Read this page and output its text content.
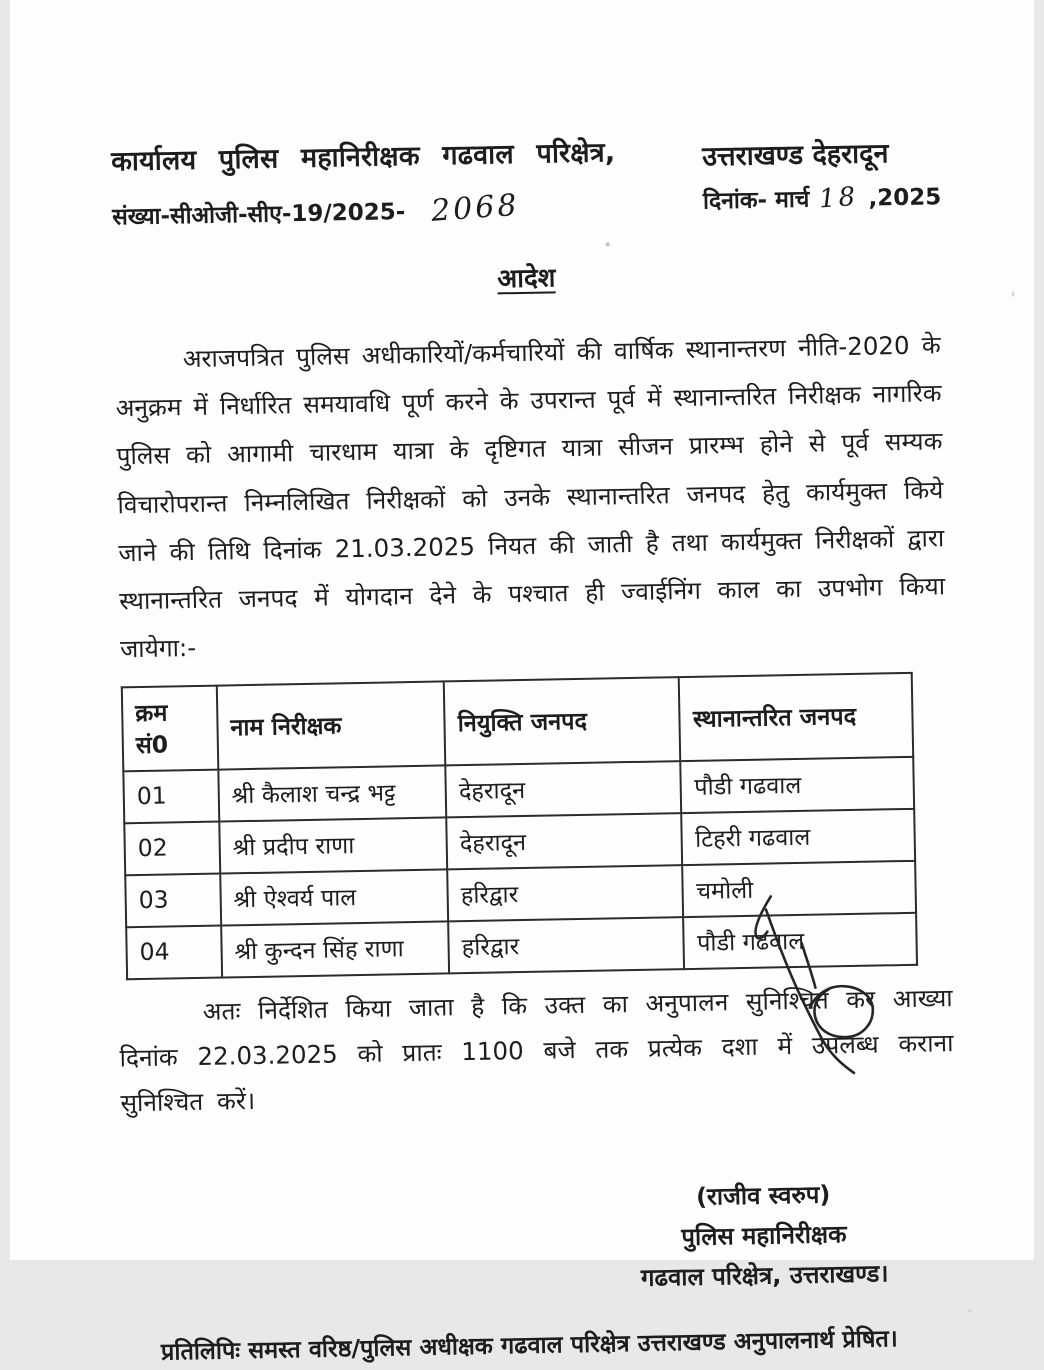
कार्यालय पुलिस महानिरीक्षक गढवाल परिक्षेत्र,
संख्या-सीओजी-सीए-19/2025- 2068
उत्तराखण्ड देहरादून
दिनांक- मार्च 18 ,2025
आदेश

अराजपत्रित पुलिस अधीकारियों/कर्मचारियों की वार्षिक स्थानान्तरण नीति-2020 के अनुक्रम में निर्धारित समयावधि पूर्ण करने के उपरान्त पूर्व में स्थानान्तरित निरीक्षक नागरिक पुलिस को आगामी चारधाम यात्रा के दृष्टिगत यात्रा सीजन प्रारम्भ होने से पूर्व सम्यक विचारोपरान्त निम्नलिखित निरीक्षकों को उनके स्थानान्तरित जनपद हेतु कार्यमुक्त किये जाने की तिथि दिनांक 21.03.2025 नियत की जाती है तथा कार्यमुक्त निरीक्षकों द्वारा स्थानान्तरित जनपद में योगदान देने के पश्चात ही ज्वाईनिंग काल का उपभोग किया जायेगा:-

क्रम सं0	नाम निरीक्षक	नियुक्ति जनपद	स्थानान्तरित जनपद
01	श्री कैलाश चन्द्र भट्ट	देहरादून	पौडी गढवाल
02	श्री प्रदीप राणा	देहरादून	टिहरी गढवाल
03	श्री ऐश्वर्य पाल	हरिद्वार	चमोली
04	श्री कुन्दन सिंह राणा	हरिद्वार	पौडी गढवाल

अतः निर्देशित किया जाता है कि उक्त का अनुपालन सुनिश्चित कर आख्या दिनांक 22.03.2025 को प्रातः 1100 बजे तक प्रत्येक दशा में उपलब्ध कराना सुनिश्चित करें।

(राजीव स्वरुप)
पुलिस महानिरीक्षक
गढवाल परिक्षेत्र, उत्तराखण्ड।
प्रतिलिपिः समस्त वरिष्ठ/पुलिस अधीक्षक गढवाल परिक्षेत्र उत्तराखण्ड अनुपालनार्थ प्रेषित।
